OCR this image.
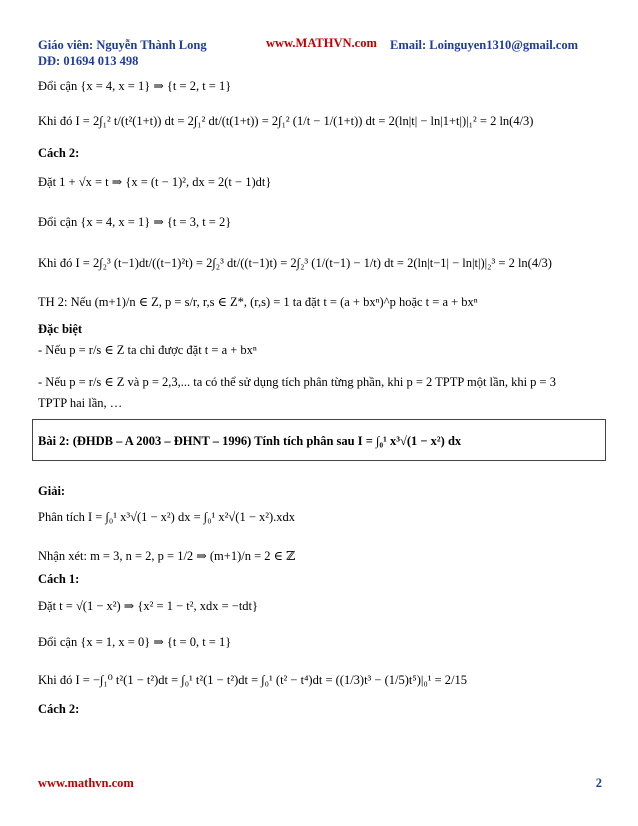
Giáo viên: Nguyễn Thành Long	www.MATHVN.com Email: Loinguyen1310@gmail.com
DĐ: 01694 013 498
Đổi cận {x = 4, x = 1} ⇒ {t = 2, t = 1}
Khi đó I = 2∫₁² t/(t²(1+t)) dt = 2∫₁² dt/(t(1+t)) = 2∫₁² (1/t − 1/(1+t)) dt = 2(ln|t| − ln|1+t|)|₁² = 2 ln(4/3)
Cách 2:
Đặt 1 + √x = t ⇒ {x = (t − 1)², dx = 2(t − 1)dt}
Đổi cận {x = 4, x = 1} ⇒ {t = 3, t = 2}
Khi đó I = 2∫₂³ (t−1)dt/((t−1)²t) = 2∫₂³ dt/((t−1)t) = 2∫₂³ (1/(t−1) − 1/t) dt = 2(ln|t−1| − ln|t|)|₂³ = 2 ln(4/3)
TH 2: Nếu (m+1)/n ∈ Z, p = s/r, r,s ∈ Z*, (r,s) = 1 ta đặt t = (a + bxⁿ)^p hoặc t = a + bxⁿ
Đặc biệt
- Nếu p = r/s ∈ Z ta chỉ được đặt t = a + bxⁿ
- Nếu p = r/s ∈ Z và p = 2,3,... ta có thể sử dụng tích phân từng phần, khi p = 2 TPTP một lần, khi p = 3
TPTP hai lần, …
Bài 2: (ĐHDB – A 2003 – ĐHNT – 1996) Tính tích phân sau I = ∫₀¹ x³√(1 − x²) dx
Giải:
Phân tích I = ∫₀¹ x³√(1 − x²) dx = ∫₀¹ x²√(1 − x²).xdx
Nhận xét: m = 3, n = 2, p = 1/2 ⇒ (m+1)/n = 2 ∈ ℤ
Cách 1:
Đặt t = √(1 − x²) ⇒ {x² = 1 − t², xdx = −tdt}
Đổi cận {x = 1, x = 0} ⇒ {t = 0, t = 1}
Khi đó I = −∫₁⁰ t²(1 − t²)dt = ∫₀¹ t²(1 − t²)dt = ∫₀¹ (t² − t⁴)dt = ((1/3)t³ − (1/5)t⁵)|₀¹ = 2/15
Cách 2:
www.mathvn.com	2
